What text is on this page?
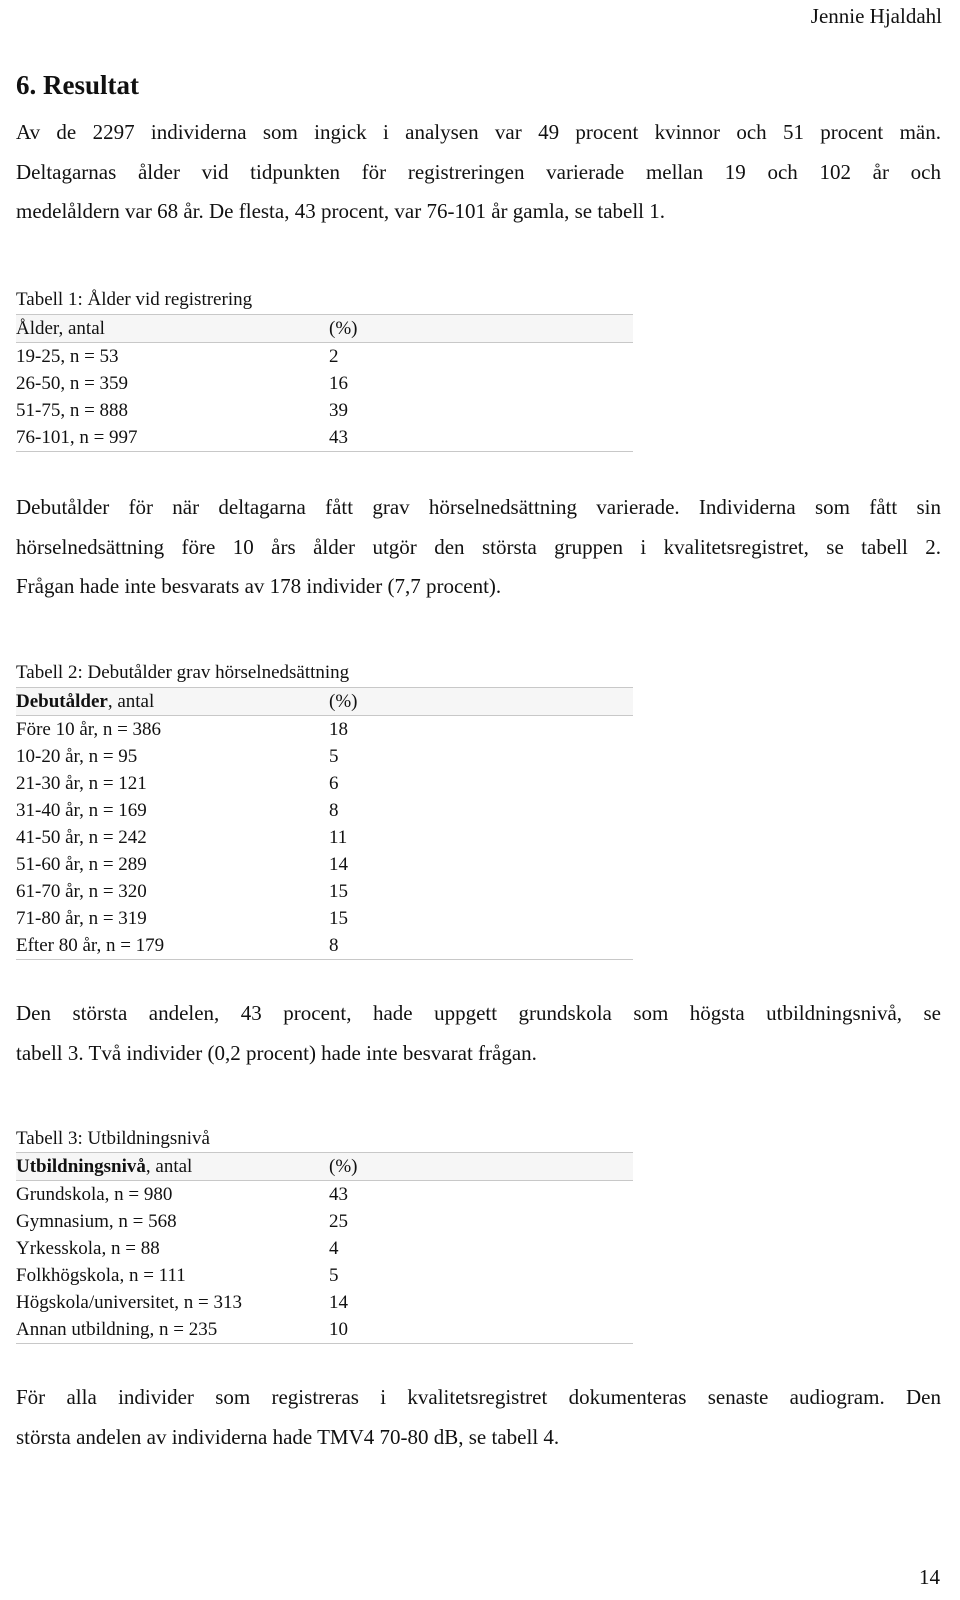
Jennie Hjaldahl
6. Resultat
Av de 2297 individerna som ingick i analysen var 49 procent kvinnor och 51 procent män.
Deltagarnas ålder vid tidpunkten för registreringen varierade mellan 19 och 102 år och
medelåldern var 68 år. De flesta, 43 procent, var 76-101 år gamla, se tabell 1.
Tabell 1: Ålder vid registrering
Ålder, antal	(%)
19-25, n = 53	2
26-50, n = 359	16
51-75, n = 888	39
76-101, n = 997	43
Debutålder för när deltagarna fått grav hörselnedsättning varierade. Individerna som fått sin
hörselnedsättning före 10 års ålder utgör den största gruppen i kvalitetsregistret, se tabell 2.
Frågan hade inte besvarats av 178 individer (7,7 procent).
Tabell 2: Debutålder grav hörselnedsättning
Debutålder, antal	(%)
Före 10 år, n = 386	18
10-20 år, n = 95	5
21-30 år, n = 121	6
31-40 år, n = 169	8
41-50 år, n = 242	11
51-60 år, n = 289	14
61-70 år, n = 320	15
71-80 år, n = 319	15
Efter 80 år, n = 179	8
Den största andelen, 43 procent, hade uppgett grundskola som högsta utbildningsnivå, se
tabell 3. Två individer (0,2 procent) hade inte besvarat frågan.
Tabell 3: Utbildningsnivå
Utbildningsnivå, antal	(%)
Grundskola, n = 980	43
Gymnasium, n = 568	25
Yrkesskola, n = 88	4
Folkhögskola, n = 111	5
Högskola/universitet, n = 313	14
Annan utbildning, n = 235	10
För alla individer som registreras i kvalitetsregistret dokumenteras senaste audiogram. Den
största andelen av individerna hade TMV4 70-80 dB, se tabell 4.
14
